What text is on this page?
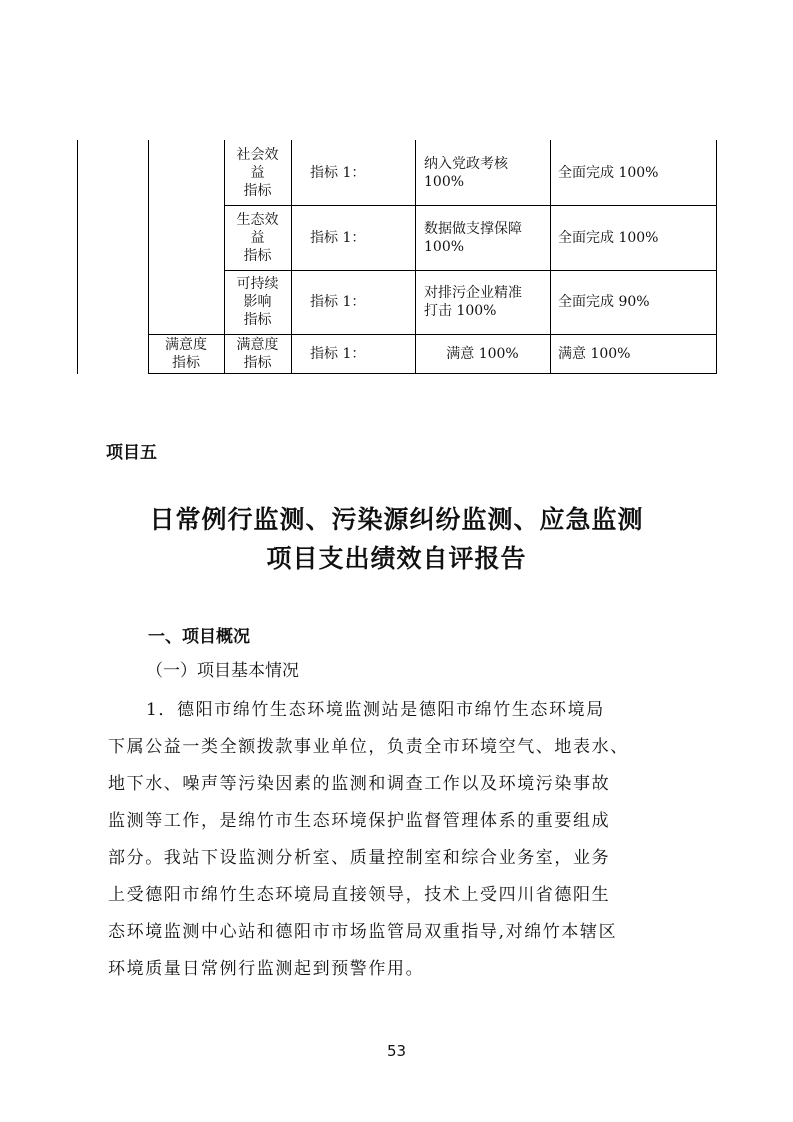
社会效
益
指标
指标 1：
纳入党政考核
100%
全面完成 100%
生态效
益
指标
指标 1：
数据做支撑保障
100%
全面完成 100%
可持续
影响
指标
指标 1：
对排污企业精准
打击 100%
全面完成 90%
满意度
指标
满意度
指标
指标 1：	满意 100%	满意 100%
项目五
日常例行监测、污染源纠纷监测、应急监测
项目支出绩效自评报告
一、项目概况
（一）项目基本情况
1．德阳市绵竹生态环境监测站是德阳市绵竹生态环境局
下属公益一类全额拨款事业单位，负责全市环境空气、地表水、
地下水、噪声等污染因素的监测和调查工作以及环境污染事故
监测等工作，是绵竹市生态环境保护监督管理体系的重要组成
部分。我站下设监测分析室、质量控制室和综合业务室，业务
上受德阳市绵竹生态环境局直接领导，技术上受四川省德阳生
态环境监测中心站和德阳市市场监管局双重指导,对绵竹本辖区
环境质量日常例行监测起到预警作用。
53
